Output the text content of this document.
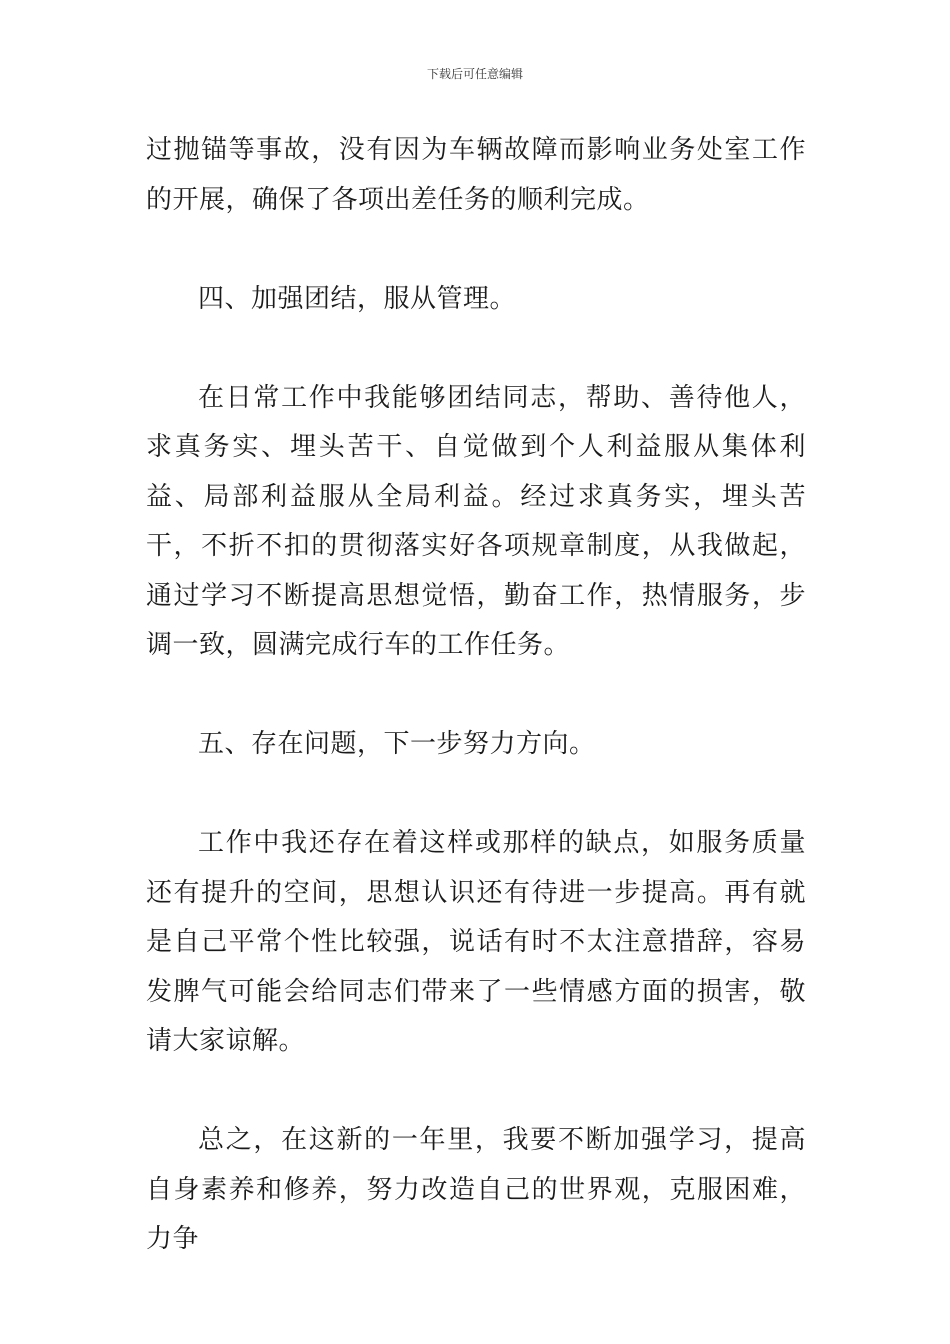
下载后可任意编辑

过抛锚等事故，没有因为车辆故障而影响业务处室工作的开展，确保了各项出差任务的顺利完成。

四、加强团结，服从管理。

在日常工作中我能够团结同志，帮助、善待他人，求真务实、埋头苦干、自觉做到个人利益服从集体利益、局部利益服从全局利益。经过求真务实，埋头苦干，不折不扣的贯彻落实好各项规章制度，从我做起，通过学习不断提高思想觉悟，勤奋工作，热情服务，步调一致，圆满完成行车的工作任务。

五、存在问题，下一步努力方向。

工作中我还存在着这样或那样的缺点，如服务质量还有提升的空间，思想认识还有待进一步提高。再有就是自己平常个性比较强，说话有时不太注意措辞，容易发脾气可能会给同志们带来了一些情感方面的损害，敬请大家谅解。

总之，在这新的一年里，我要不断加强学习，提高自身素养和修养，努力改造自己的世界观，克服困难，力争
